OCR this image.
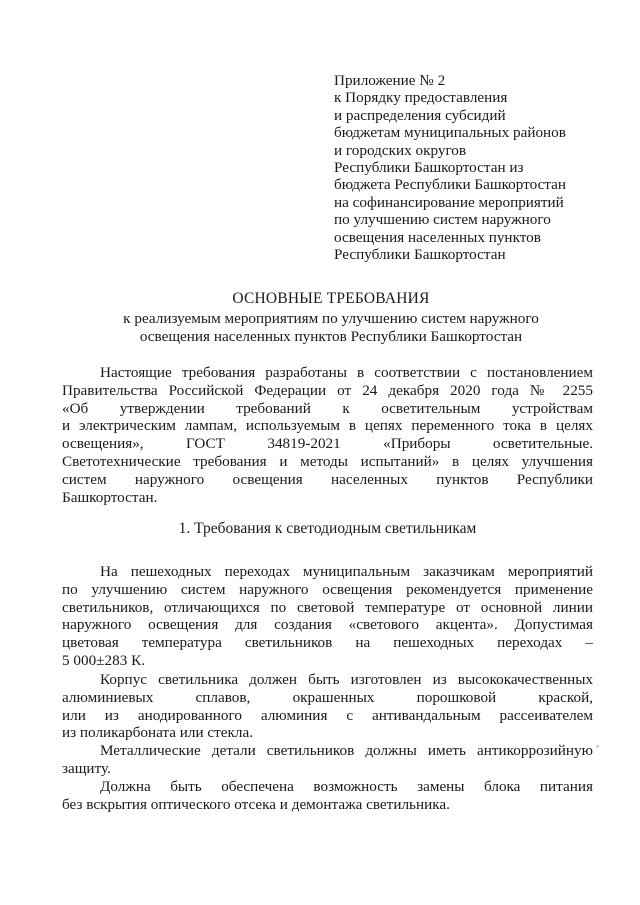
Приложение № 2
к Порядку предоставления
и распределения субсидий
бюджетам муниципальных районов
и городских округов
Республики Башкортостан из
бюджета Республики Башкортостан
на софинансирование мероприятий
по улучшению систем наружного
освещения населенных пунктов
Республики Башкортостан
ОСНОВНЫЕ ТРЕБОВАНИЯ
к реализуемым мероприятиям по улучшению систем наружного
освещения населенных пунктов Республики Башкортостан
Настоящие требования разработаны в соответствии с постановлением
Правительства Российской Федерации от 24 декабря 2020 года № 2255
«Об утверждении требований к осветительным устройствам
и электрическим лампам, используемым в цепях переменного тока в целях
освещения», ГОСТ 34819-2021 «Приборы осветительные.
Светотехнические требования и методы испытаний» в целях улучшения
систем наружного освещения населенных пунктов Республики
Башкортостан.
1. Требования к светодиодным светильникам
На пешеходных переходах муниципальным заказчикам мероприятий
по улучшению систем наружного освещения рекомендуется применение
светильников, отличающихся по световой температуре от основной линии
наружного освещения для создания «светового акцента». Допустимая
цветовая температура светильников на пешеходных переходах –
5 000±283 К.
Корпус светильника должен быть изготовлен из высококачественных
алюминиевых сплавов, окрашенных порошковой краской,
или из анодированного алюминия с антивандальным рассеивателем
из поликарбоната или стекла.
Металлические детали светильников должны иметь антикоррозийную
защиту.
Должна быть обеспечена возможность замены блока питания
без вскрытия оптического отсека и демонтажа светильника.
